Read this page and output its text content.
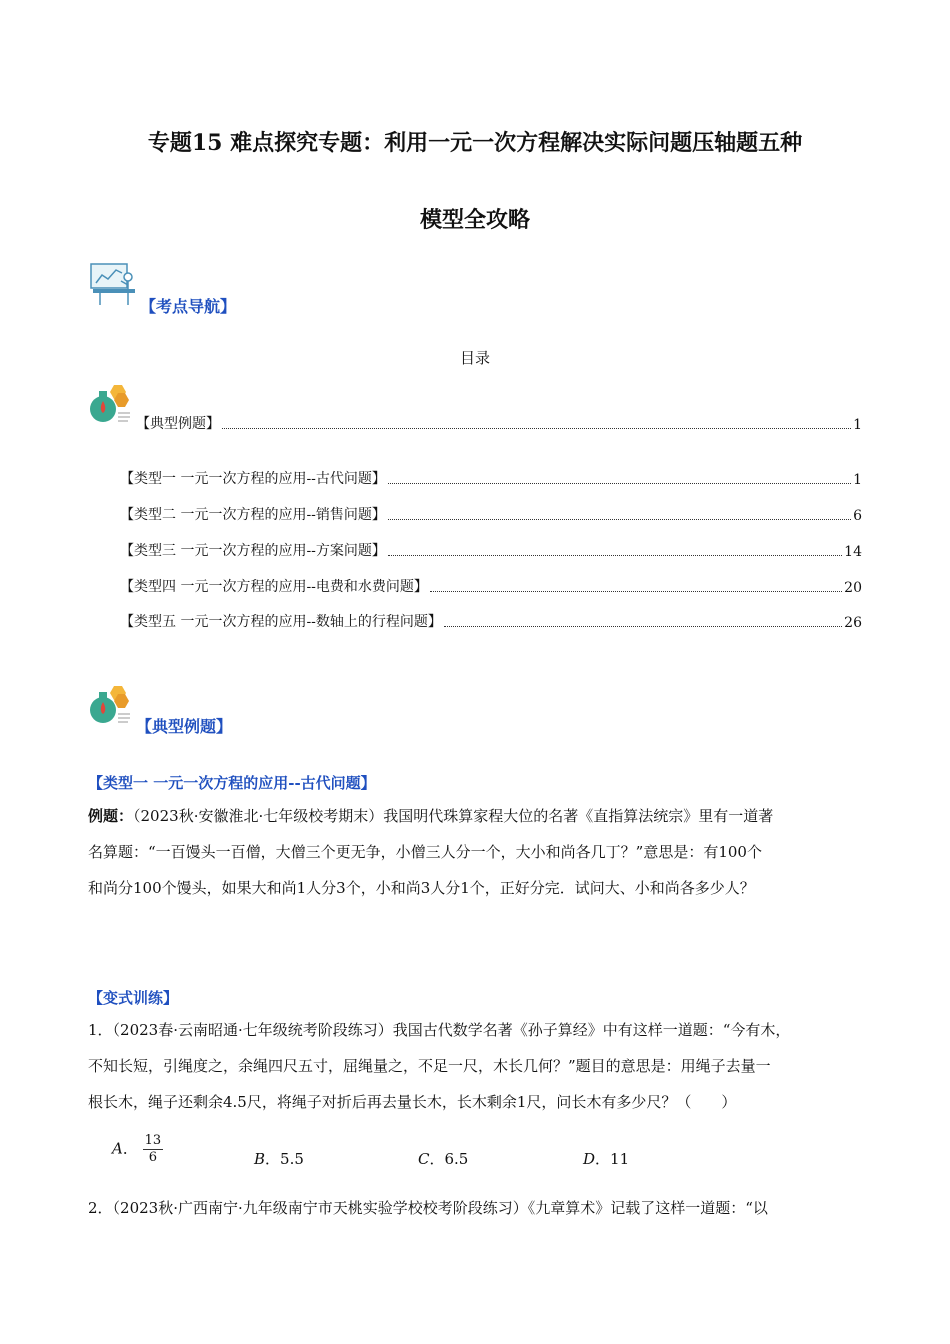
专题15 难点探究专题：利用一元一次方程解决实际问题压轴题五种
模型全攻略
【考点导航】
目录
【典型例题】	1
【类型一 一元一次方程的应用--古代问题】	1
【类型二 一元一次方程的应用--销售问题】	6
【类型三 一元一次方程的应用--方案问题】	14
【类型四 一元一次方程的应用--电费和水费问题】	20
【类型五 一元一次方程的应用--数轴上的行程问题】	26
【典型例题】
【类型一 一元一次方程的应用--古代问题】
例题：（2023秋·安徽淮北·七年级校考期末）我国明代珠算家程大位的名著《直指算法统宗》里有一道著
名算题：“一百馒头一百僧，大僧三个更无争，小僧三人分一个，大小和尚各几丁？”意思是：有100个
和尚分100个馒头，如果大和尚1人分3个，小和尚3人分1个，正好分完．试问大、小和尚各多少人？
【变式训练】
1．（2023春·云南昭通·七年级统考阶段练习）我国古代数学名著《孙子算经》中有这样一道题：“今有木，
不知长短，引绳度之，余绳四尺五寸，屈绳量之，不足一尺，木长几何？”题目的意思是：用绳子去量一
根长木，绳子还剩余4.5尺，将绳子对折后再去量长木，长木剩余1尺，问长木有多少尺？（　　）
A． $\frac{13}{6}$	B．5.5	C．6.5	D．11
2．（2023秋·广西南宁·九年级南宁市天桃实验学校校考阶段练习）《九章算术》记载了这样一道题：“以
